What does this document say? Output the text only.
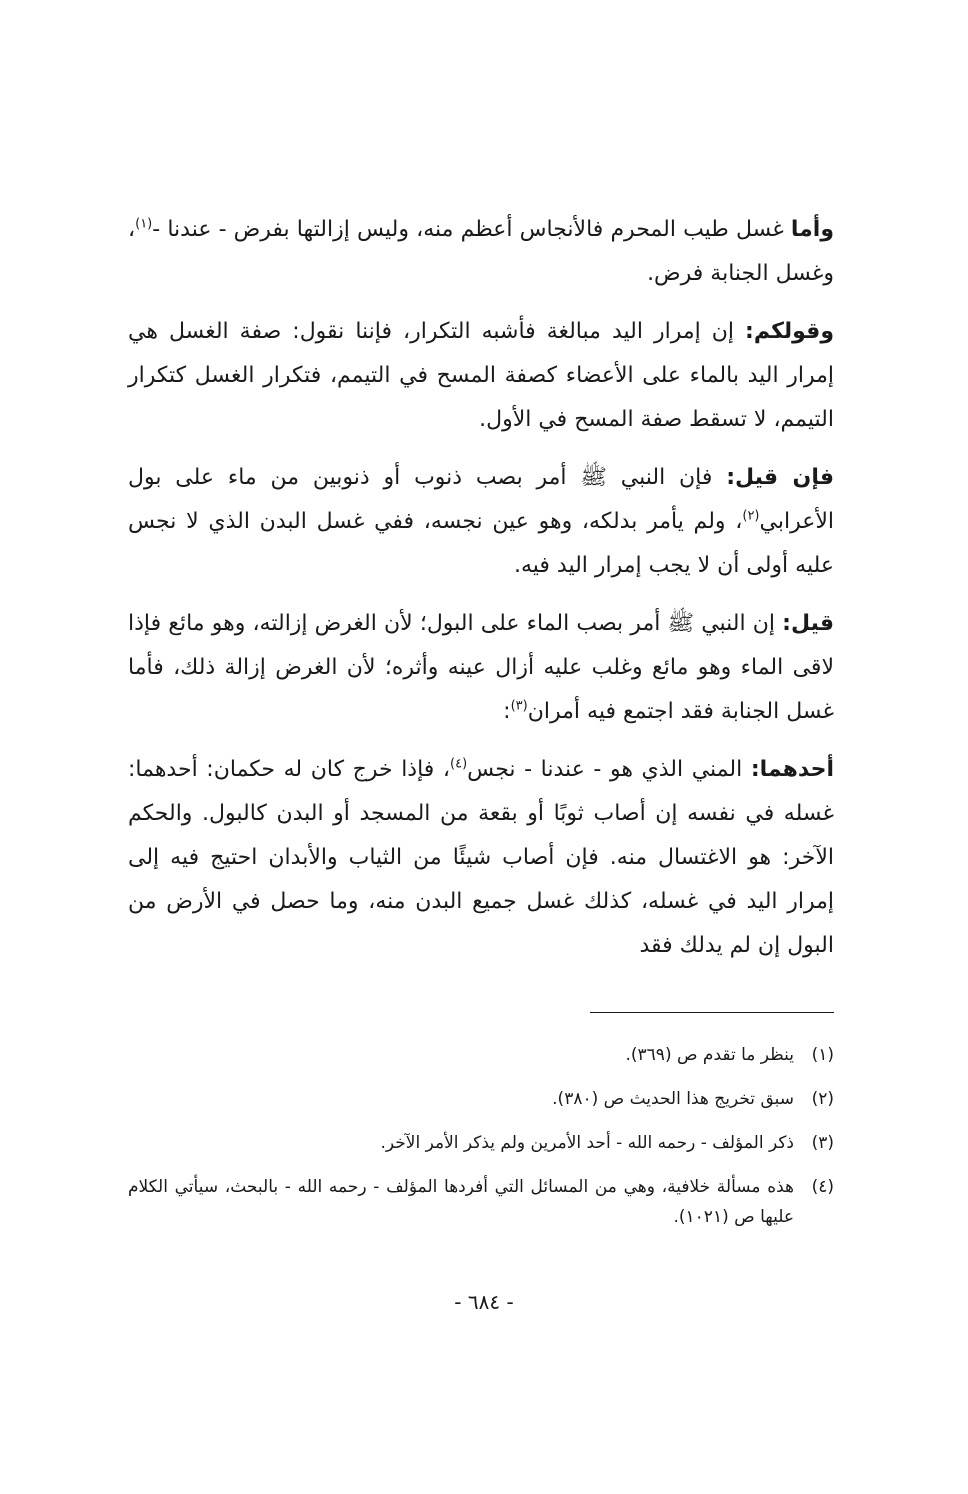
وأما غسل طيب المحرم فالأنجاس أعظم منه، وليس إزالتها بفرض - عندنا -$^{(١)}$، وغسل الجنابة فرض.

وقولكم: إن إمرار اليد مبالغة فأشبه التكرار، فإننا نقول: صفة الغسل هي إمرار اليد بالماء على الأعضاء كصفة المسح في التيمم، فتكرار الغسل كتكرار التيمم، لا تسقط صفة المسح في الأول.

فإن قيل: فإن النبي ﷺ أمر بصب ذنوب أو ذنوبين من ماء على بول الأعرابي$^{(٢)}$، ولم يأمر بدلكه، وهو عين نجسه، ففي غسل البدن الذي لا نجس عليه أولى أن لا يجب إمرار اليد فيه.

قيل: إن النبي ﷺ أمر بصب الماء على البول؛ لأن الغرض إزالته، وهو مائع فإذا لاقى الماء وهو مائع وغلب عليه أزال عينه وأثره؛ لأن الغرض إزالة ذلك، فأما غسل الجنابة فقد اجتمع فيه أمران$^{(٣)}$:

أحدهما: المني الذي هو - عندنا - نجس$^{(٤)}$، فإذا خرج كان له حكمان: أحدهما: غسله في نفسه إن أصاب ثوبًا أو بقعة من المسجد أو البدن كالبول. والحكم الآخر: هو الاغتسال منه. فإن أصاب شيئًا من الثياب والأبدان احتيج فيه إلى إمرار اليد في غسله، كذلك غسل جميع البدن منه، وما حصل في الأرض من البول إن لم يدلك فقد

(١)
ينظر ما تقدم ص (٣٦٩).
(٢)
سبق تخريج هذا الحديث ص (٣٨٠).
(٣)
ذكر المؤلف - رحمه الله - أحد الأمرين ولم يذكر الأمر الآخر.
(٤)
هذه مسألة خلافية، وهي من المسائل التي أفردها المؤلف - رحمه الله - بالبحث، سيأتي الكلام عليها ص (١٠٢١).
- ٦٨٤ -
